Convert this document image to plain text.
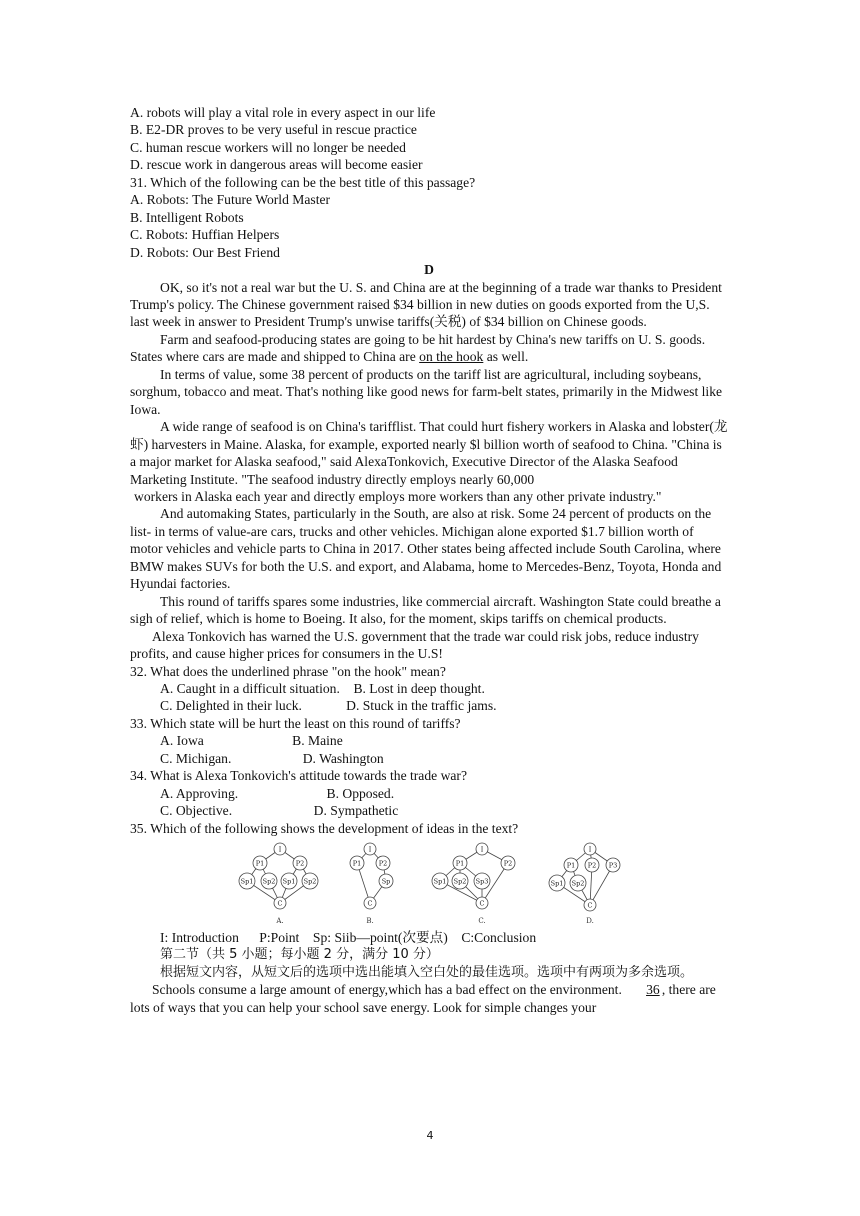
A. robots will play a vital role in every aspect in our life

B. E2-DR proves to be very useful in rescue practice

C. human rescue workers will no longer be needed

D. rescue work in dangerous areas will become easier

31. Which of the following can be the best title of this passage?

A. Robots: The Future World Master

B. Intelligent Robots

C. Robots: Huffian Helpers

D. Robots: Our Best Friend

D

OK, so it's not a real war but the U. S. and China are at the beginning of a trade war thanks to President Trump's policy. The Chinese government raised $34 billion in new duties on goods exported from the U,S. last week in answer to President Trump's unwise tariffs(关税) of $34 billion on Chinese goods.

Farm and seafood-producing states are going to be hit hardest by China's new tariffs on U. S. goods. States where cars are made and shipped to China are on the hook as well.

In terms of value, some 38 percent of products on the tariff list are agricultural, including soybeans, sorghum, tobacco and meat. That's nothing like good news for farm-belt states, primarily in the Midwest like Iowa.

A wide range of seafood is on China's tarifflist. That could hurt fishery workers in Alaska and lobster(龙虾) harvesters in Maine. Alaska, for example, exported nearly $l billion worth of seafood to China. "China is a major market for Alaska seafood," said AlexaTonkovich, Executive Director of the Alaska Seafood Marketing Institute. "The seafood industry directly employs nearly 60,000

workers in Alaska each year and directly employs more workers than any other private industry."

And automaking States, particularly in the South, are also at risk. Some 24 percent of products on the list- in terms of value-are cars, trucks and other vehicles. Michigan alone exported $1.7 billion worth of motor vehicles and vehicle parts to China in 2017. Other states being affected include South Carolina, where BMW makes SUVs for both the U.S. and export, and Alabama, home to Mercedes-Benz, Toyota, Honda and Hyundai factories.

This round of tariffs spares some industries, like commercial aircraft. Washington State could breathe a sigh of relief, which is home to Boeing. It also, for the moment, skips tariffs on chemical products.

Alexa Tonkovich has warned the U.S. government that the trade war could risk jobs, reduce industry profits, and cause higher prices for consumers in the U.S!

32. What does the underlined phrase "on the hook" mean?

A. Caught in a difficult situation.    B. Lost in deep thought.

C. Delighted in their luck.             D. Stuck in the traffic jams.

33. Which state will be hurt the least on this round of tariffs?

A. Iowa                          B. Maine

C. Michigan.                     D. Washington

34. What is Alexa Tonkovich's attitude towards the trade war?

A. Approving.                          B. Opposed.

C. Objective.                        D. Sympathetic

35. Which of the following shows the development of ideas in the text?

I
P1	P2
Sp1 Sp2 Sp1 Sp2
C
I
P1	P2
Sp
C
I
P1	P2
Sp1 Sp2 Sp3
C
I
P1 P2 P3
Sp1 Sp2
C
A.	B.	C.	D.

I: Introduction      P:Point    Sp: Siib—point(次要点)    C:Conclusion

第二节（共 5 小题；每小题 2 分，满分 10 分）

根据短文内容，从短文后的选项中选出能填入空白处的最佳选项。选项中有两项为多余选项。

Schools consume a large amount of energy,which has a bad effect on the environment. 36 , there are lots of ways that you can help your school save energy. Look for simple changes your

4
